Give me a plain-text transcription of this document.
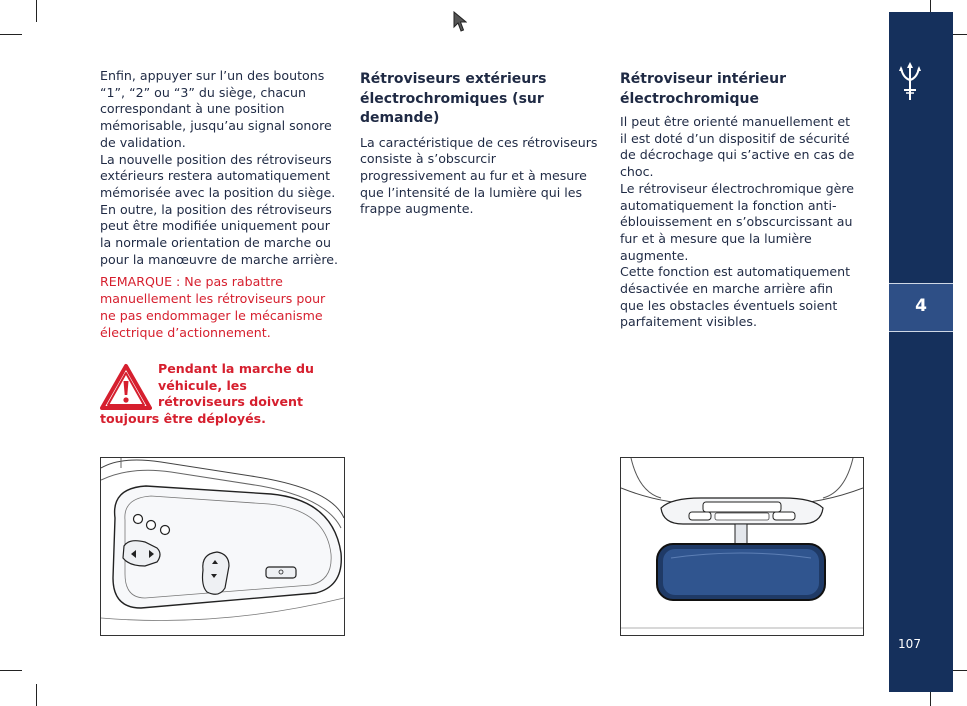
Enfin, appuyer sur l’un des boutons “1”, “2” ou “3” du siège, chacun correspondant à une position mémorisable, jusqu’au signal sonore de validation.

La nouvelle position des rétroviseurs extérieurs restera automatiquement mémorisée avec la position du siège.

En outre, la position des rétroviseurs peut être modifiée uniquement pour la normale orientation de marche ou pour la manœuvre de marche arrière.

REMARQUE : Ne pas rabattre manuellement les rétroviseurs pour ne pas endommager le mécanisme électrique d’actionnement.

Pendant la marche du véhicule, les rétroviseurs doivent toujours être déployés.
Rétroviseurs extérieurs électrochromiques (sur demande)

La caractéristique de ces rétroviseurs consiste à s’obscurcir progressivement au fur et à mesure que l’intensité de la lumière qui les frappe augmente.

Rétroviseur intérieur électrochromique

Il peut être orienté manuellement et il est doté d’un dispositif de sécurité de décrochage qui s’active en cas de choc.

Le rétroviseur électrochromique gère automatiquement la fonction anti-éblouissement en s’obscurcissant au fur et à mesure que la lumière augmente.

Cette fonction est automatiquement désactivée en marche arrière afin que les obstacles éventuels soient parfaitement visibles.

4
107
